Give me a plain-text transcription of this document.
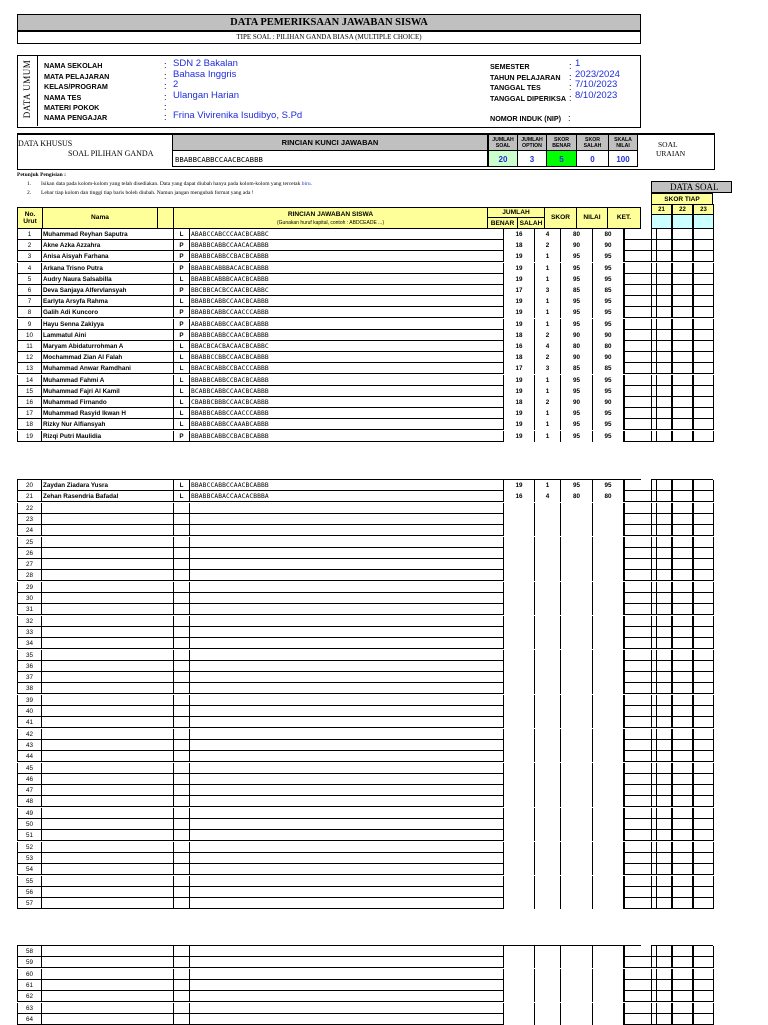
DATA PEMERIKSAAN JAWABAN SISWA
TIPE SOAL : PILIHAN GANDA BIASA (MULTIPLE CHOICE)
DATA UMUM NAMA SEKOLAH	: SDN 2 Bakalan
MATA PELAJARAN	: Bahasa Inggris
KELAS/PROGRAM	: 2
NAMA TES	: Ulangan Harian
MATERI POKOK	:
NAMA PENGAJAR	: Frina Vivirenika Isudibyo, S.Pd
SEMESTER	: 1
TAHUN PELAJARAN : 2023/2024
TANGGAL TES	: 7/10/2023
TANGGAL DIPERIKSA : 8/10/2023
NOMOR INDUK (NIP) :
DATA KHUSUS
SOAL PILIHAN GANDA
RINCIAN KUNCI JAWABAN
BBABBCABBCCAACBCABBB
JUMLAH
SOAL
20
JUMLAH
OPTION
3
SKOR
BENAR
5
SKOR
SALAH
0
SKALA
NILAI
100
SOAL
URAIAN
Petunjuk Pengisian :
1. Isikan data pada kolom-kolom yang telah disediakan. Data yang dapat diubah hanya pada kolom-kolom yang tercetak biru.
2. Lebar tiap kolom dan tinggi tiap baris boleh diubah. Namun jangan mengubah format yang ada !
DATA SOAL
SKOR TIAP
21	22	23
No.
Urut
Nama	RINCIAN JAWABAN SISWA
(Gunakan huruf kapital, contoh : ABDCEADE ...)
JUMLAH
BENAR SALAH
SKOR	NILAI	KET.
1	Muhammad Reyhan Saputra	L	ABABCCABCCCAACBCABBC	16	4	80	80
2	Akne Azka Azzahra	P	BBABBCABBCCAACACABBB	18	2	90	90
3	Anisa Aisyah Farhana	P	BBABBCABBCCBACBCABBB	19	1	95	95
4	Arkana Trisno Putra	P	BBABBCABBBACACBCABBB	19	1	95	95
5	Audry Naura Salsabilla	L	BBABBCABBBCAACBCABBB	19	1	95	95
6	Deva Sanjaya Alfervlansyah	P	BBCBBCACBCCAACBCABBC	17	3	85	85
7	Earlyta Arsyfa Rahma	L	BBABBCABBCCAACBCABBB	19	1	95	95
8	Galih Adi Kuncoro	P	BBABBCABBCCAACCCABBB	19	1	95	95
9	Hayu Senna Zakiyya	P	ABABBCABBCCAACBCABBB	19	1	95	95
10	Lammatul Aini	P	BBABBCABBCCAACBCABBB	18	2	90	90
11	Maryam Abidaturrohman A	L	BBACBCACBACAACBCABBC	16	4	80	80
12	Mochammad Zian Al Falah	L	BBABBCCBBCCAACBCABBB	18	2	90	90
13	Muhammad Anwar Ramdhani	L	BBACBCABBCCBACCCABBB	17	3	85	85
14	Muhammad Fahmi A	L	BBABBCABBCCBACBCABBB	19	1	95	95
15	Muhammad Fajri Al Kamil	L	BCABBCABBCCAACBCABBB	19	1	95	95
16	Muhammad Firnando	L	CBABBCBBBCCAACBCABBB	18	2	90	90
17	Muhammad Rasyid Ikwan H	L	BBABBCABBCCAACCCABBB	19	1	95	95
18	Rizky Nur Alfiansyah	L	BBABBCABBCCAAABCABBB	19	1	95	95
19	Rizqi Putri Maulidia	P	BBABBCABBCCBACBCABBB	19	1	95	95
20	Zaydan Ziadara Yusra	L	BBABCCABBCCAACBCABBB	19	1	95	95
21	Zehan Rasendria Bafadal	L	BBABBCABACCAACACBBBA	16	4	80	80
22
23
24
25
26
27
28
29
30
31
32
33
34
35
36
37
38
39
40
41
42
43
44
45
46
47
48
49
50
51
52
53
54
55
56
57
58
59
60
61
62
63
64
